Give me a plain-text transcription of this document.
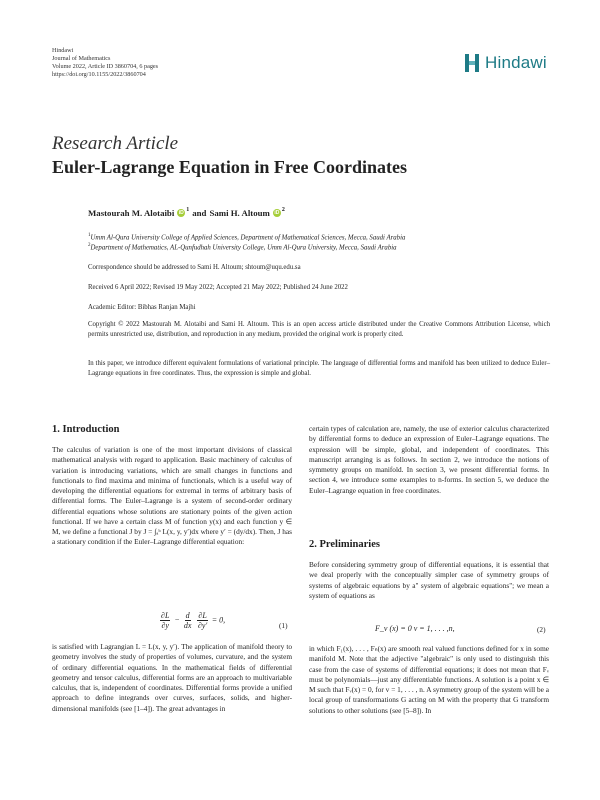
Hindawi
Journal of Mathematics
Volume 2022, Article ID 3860704, 6 pages
https://doi.org/10.1155/2022/3860704
Hindawi
Research Article
Euler-Lagrange Equation in Free Coordinates
Mastourah M. Alotaibi iD $^1$ and Sami H. Altoum iD $^2$
$^1$Umm Al-Qura University College of Applied Sciences, Department of Mathematical Sciences, Mecca, Saudi Arabia
$^2$Department of Mathematics, AL-Qunfudhah University College, Umm Al-Qura University, Mecca, Saudi Arabia
Correspondence should be addressed to Sami H. Altoum; shtoum@uqu.edu.sa
Received 6 April 2022; Revised 19 May 2022; Accepted 21 May 2022; Published 24 June 2022
Academic Editor: Bibhas Ranjan Majhi
Copyright © 2022 Mastourah M. Alotaibi and Sami H. Altoum. This is an open access article distributed under the Creative Commons Attribution License, which permits unrestricted use, distribution, and reproduction in any medium, provided the original work is properly cited.
In this paper, we introduce different equivalent formulations of variational principle. The language of differential forms and manifold has been utilized to deduce Euler–Lagrange equations in free coordinates. Thus, the expression is simple and global.
1. Introduction
2. Preliminaries
The calculus of variation is one of the most important divisions of classical mathematical analysis with regard to application. Basic machinery of calculus of variation is introducing variations, which are small changes in functions and functionals to find maxima and minima of functionals, which is a useful way of developing the differential equations for extremal in terms of arbitrary basis of differential forms. The Euler–Lagrange is a system of second-order ordinary differential equations whose solutions are stationary points of the given action functional. If we have a certain class M of function y(x) and each function y ∈ M, we define a functional J by J = ∫ₐᵇ L(x, y, y′)dx where y′ = (dy/dx). Then, J has a stationary condition if the Euler–Lagrange differential equation:
$\frac{\partial L}{\partial y} - \frac{d}{dx}$
$\frac{\partial L}{\partial y'} = 0$,
(1)
is satisfied with Lagrangian L = L(x, y, y′). The application of manifold theory to geometry involves the study of properties of volumes, curvature, and the system of ordinary differential equations. In the mathematical fields of differential geometry and tensor calculus, differential forms are an approach to multivariable calculus, that is, independent of coordinates. Differential forms provide a unified approach to define integrands over curves, surfaces, solids, and higher-dimensional manifolds (see [1–4]). The great advantages in
certain types of calculation are, namely, the use of exterior calculus characterized by differential forms to deduce an expression of Euler–Lagrange equations. The expression will be simple, global, and independent of coordinates. This manuscript arranging is as follows. In section 2, we introduce the notions of symmetry groups on manifold. In section 3, we present differential forms. In section 4, we introduce some examples to n-forms. In section 5, we deduce the Euler–Lagrange equation in free coordinates.
Before considering symmetry group of differential equations, it is essential that we deal properly with the conceptually simpler case of symmetry groups of systems of algebraic equations by a" system of algebraic equations"; we mean a system of equations as
F_v (x) = 0 v = 1, . . . ,n,	(2)
in which F₁(x), . . . , Fₙ(x) are smooth real valued functions defined for x in some manifold M. Note that the adjective "algebraic" is only used to distinguish this case from the case of systems of differential equations; it does not mean that Fᵥ must be polynomials—just any differentiable functions. A solution is a point x ∈ M such that Fᵥ(x) = 0, for v = 1, . . . , n. A symmetry group of the system will be a local group of transformations G acting on M with the property that G transform solutions to other solutions (see [5–8]). In
